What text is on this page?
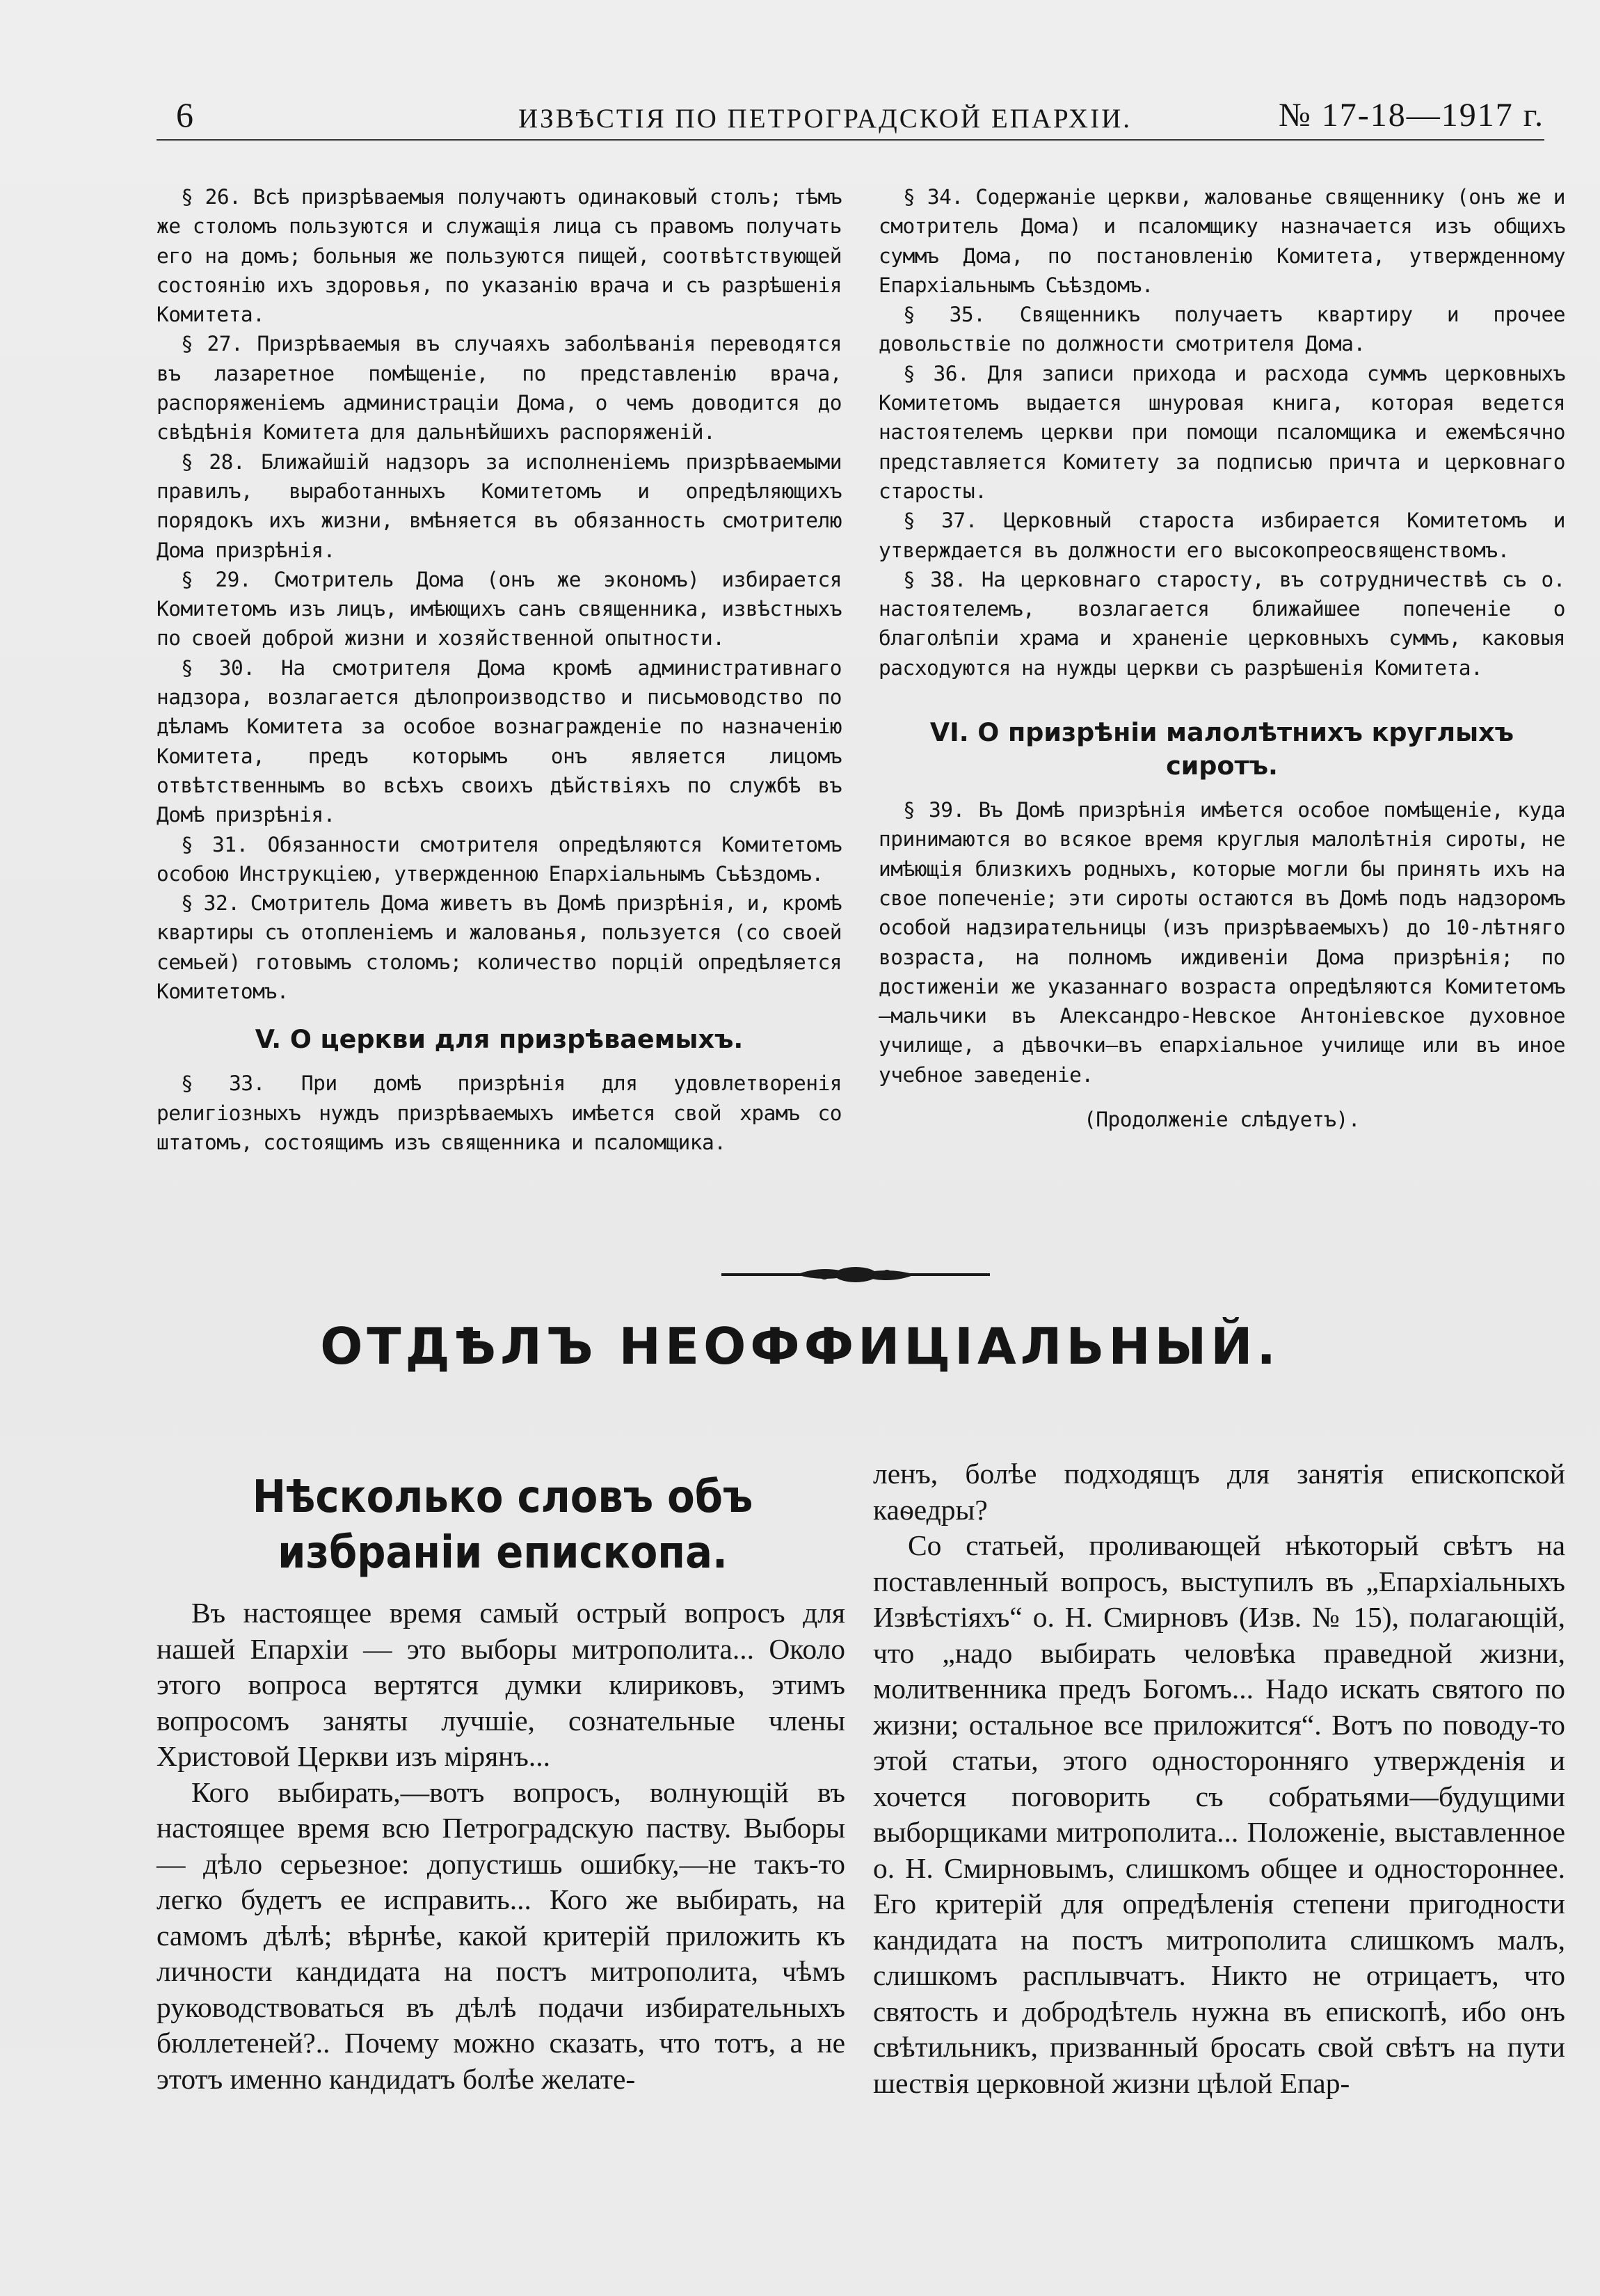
6	ИЗВѢСТІЯ ПО ПЕТРОГРАДСКОЙ ЕПАРХІИ.	№ 17-18—1917 г.

§ 26. Всѣ призрѣваемыя получаютъ одинаковый столъ; тѣмъ же столомъ пользуются и служащія лица съ правомъ получать его на домъ; больныя же пользуются пищей, соотвѣтствующей состоянію ихъ здоровья, по указанію врача и съ разрѣшенія Комитета.

§ 27. Призрѣваемыя въ случаяхъ заболѣванія переводятся въ лазаретное помѣщеніе, по представленію врача, распоряженіемъ администраціи Дома, о чемъ доводится до свѣдѣнія Комитета для дальнѣйшихъ распоряженій.

§ 28. Ближайшій надзоръ за исполненіемъ призрѣваемыми правилъ, выработанныхъ Комитетомъ и опредѣляющихъ порядокъ ихъ жизни, вмѣняется въ обязанность смотрителю Дома призрѣнія.

§ 29. Смотритель Дома (онъ же экономъ) избирается Комитетомъ изъ лицъ, имѣющихъ санъ священника, извѣстныхъ по своей доброй жизни и хозяйственной опытности.

§ 30. На смотрителя Дома кромѣ административнаго надзора, возлагается дѣлопроизводство и письмоводство по дѣламъ Комитета за особое вознагражденіе по назначенію Комитета, предъ которымъ онъ является лицомъ отвѣтственнымъ во всѣхъ своихъ дѣйствіяхъ по службѣ въ Домѣ призрѣнія.

§ 31. Обязанности смотрителя опредѣляются Комитетомъ особою Инструкціею, утвержденною Епархіальнымъ Съѣздомъ.

§ 32. Смотритель Дома живетъ въ Домѣ призрѣнія, и, кромѣ квартиры съ отопленіемъ и жалованья, пользуется (со своей семьей) готовымъ столомъ; количество порцій опредѣляется Комитетомъ.

V. О церкви для призрѣваемыхъ.

§ 33. При домѣ призрѣнія для удовлетворенія религіозныхъ нуждъ призрѣваемыхъ имѣется свой храмъ со штатомъ, состоящимъ изъ священника и псаломщика.

§ 34. Содержаніе церкви, жалованье священнику (онъ же и смотритель Дома) и псаломщику назначается изъ общихъ суммъ Дома, по постановленію Комитета, утвержденному Епархіальнымъ Съѣздомъ.

§ 35. Священникъ получаетъ квартиру и прочее довольствіе по должности смотрителя Дома.

§ 36. Для записи прихода и расхода суммъ церковныхъ Комитетомъ выдается шнуровая книга, которая ведется настоятелемъ церкви при помощи псаломщика и ежемѣсячно представляется Комитету за подписью причта и церковнаго старосты.

§ 37. Церковный староста избирается Комитетомъ и утверждается въ должности его высокопреосвященствомъ.

§ 38. На церковнаго старосту, въ сотрудничествѣ съ о. настоятелемъ, возлагается ближайшее попеченіе о благолѣпіи храма и храненіе церковныхъ суммъ, каковыя расходуются на нужды церкви съ разрѣшенія Комитета.

VI. О призрѣніи малолѣтнихъ круглыхъ сиротъ.

§ 39. Въ Домѣ призрѣнія имѣется особое помѣщеніе, куда принимаются во всякое время круглыя малолѣтнія сироты, не имѣющія близкихъ родныхъ, которые могли бы принять ихъ на свое попеченіе; эти сироты остаются въ Домѣ подъ надзоромъ особой надзирательницы (изъ призрѣваемыхъ) до 10-лѣтняго возраста, на полномъ иждивеніи Дома призрѣнія; по достиженіи же указаннаго возраста опредѣляются Комитетомъ—мальчики въ Александро-Невское Антоніевское духовное училище, а дѣвочки—въ епархіальное училище или въ иное учебное заведеніе.

(Продолженіе слѣдуетъ).
ОТДѢЛЪ НЕОФФИЦІАЛЬНЫЙ.
Нѣсколько словъ объ избраніи епископа.

Въ настоящее время самый острый вопросъ для нашей Епархіи — это выборы митрополита... Около этого вопроса вертятся думки клириковъ, этимъ вопросомъ заняты лучшіе, сознательные члены Христовой Церкви изъ мірянъ...

Кого выбирать,—вотъ вопросъ, волнующій въ настоящее время всю Петроградскую паству. Выборы — дѣло серьезное: допустишь ошибку,—не такъ-то легко будетъ ее исправить... Кого же выбирать, на самомъ дѣлѣ; вѣрнѣе, какой критерій приложить къ личности кандидата на постъ митрополита, чѣмъ руководствоваться въ дѣлѣ подачи избирательныхъ бюллетеней?.. Почему можно сказать, что тотъ, а не этотъ именно кандидатъ болѣе желате-

ленъ, болѣе подходящъ для занятія епископской каѳедры?

Со статьей, проливающей нѣкоторый свѣтъ на поставленный вопросъ, выступилъ въ „Епархіальныхъ Извѣстіяхъ“ о. Н. Смирновъ (Изв. № 15), полагающій, что „надо выбирать человѣка праведной жизни, молитвенника предъ Богомъ... Надо искать святого по жизни; остальное все приложится“. Вотъ по поводу-то этой статьи, этого односторонняго утвержденія и хочется поговорить съ собратьями—будущими выборщиками митрополита... Положеніе, выставленное о. Н. Смирновымъ, слишкомъ общее и одностороннее. Его критерій для опредѣленія степени пригодности кандидата на постъ митрополита слишкомъ малъ, слишкомъ расплывчатъ. Никто не отрицаетъ, что святость и добродѣтель нужна въ епископѣ, ибо онъ свѣтильникъ, призванный бросать свой свѣтъ на пути шествія церковной жизни цѣлой Епар-
